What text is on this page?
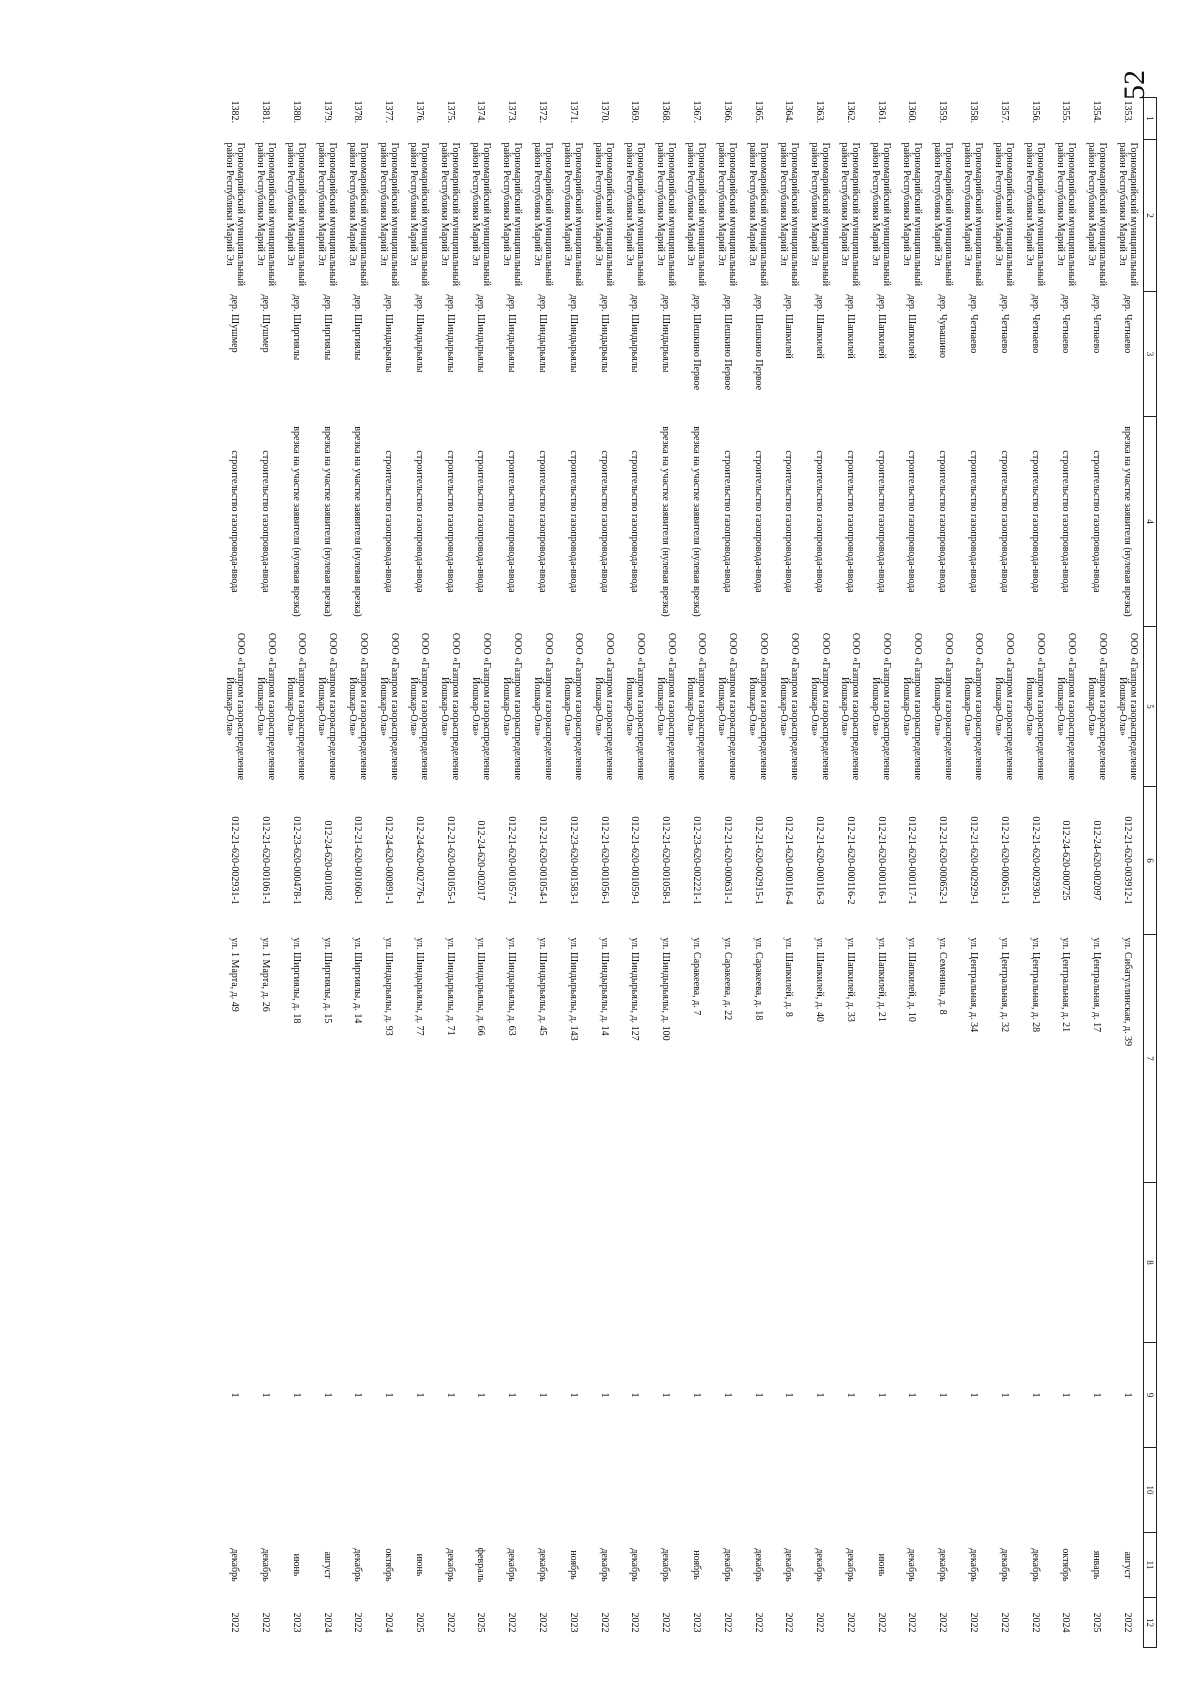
52
1	2	3	4	5	6	7	8	9	10	11	12
1353.	Горномарийский муниципальный район Республики Марий Эл	дер. Четнаево	врезка на участке заявителя (нулевая врезка)	ООО «Газпром газораспределение Йошкар-Ола»	012-21-620-003912-1	ул. Сибатуллинская, д. 39		1		август	2022
1354.	Горномарийский муниципальный район Республики Марий Эл	дер. Четнаево	строительство газопровода-ввода	ООО «Газпром газораспределение Йошкар-Ола»	012-24-620-002097	ул. Центральная, д. 17		1		январь	2025
1355.	Горномарийский муниципальный район Республики Марий Эл	дер. Четнаево	строительство газопровода-ввода	ООО «Газпром газораспределение Йошкар-Ола»	012-24-620-000725	ул. Центральная, д. 21		1		октябрь	2024
1356.	Горномарийский муниципальный район Республики Марий Эл	дер. Четнаево	строительство газопровода-ввода	ООО «Газпром газораспределение Йошкар-Ола»	012-21-620-002930-1	ул. Центральная, д. 28		1		декабрь	2022
1357.	Горномарийский муниципальный район Республики Марий Эл	дер. Четнаево	строительство газопровода-ввода	ООО «Газпром газораспределение Йошкар-Ола»	012-21-620-000651-1	ул. Центральная, д. 32		1		декабрь	2022
1358.	Горномарийский муниципальный район Республики Марий Эл	дер. Четнаево	строительство газопровода-ввода	ООО «Газпром газораспределение Йошкар-Ола»	012-21-620-002929-1	ул. Центральная, д. 34		1		декабрь	2022
1359.	Горномарийский муниципальный район Республики Марий Эл	дер. Чувашино	строительство газопровода-ввода	ООО «Газпром газораспределение Йошкар-Ола»	012-21-620-000652-1	ул. Семенина, д. 8		1		декабрь	2022
1360.	Горномарийский муниципальный район Республики Марий Эл	дер. Шапкилей	строительство газопровода-ввода	ООО «Газпром газораспределение Йошкар-Ола»	012-21-620-000117-1	ул. Шапкилей, д. 10		1		декабрь	2022
1361.	Горномарийский муниципальный район Республики Марий Эл	дер. Шапкилей	строительство газопровода-ввода	ООО «Газпром газораспределение Йошкар-Ола»	012-21-620-000116-1	ул. Шапкилей, д. 21		1		июнь	2022
1362.	Горномарийский муниципальный район Республики Марий Эл	дер. Шапкилей	строительство газопровода-ввода	ООО «Газпром газораспределение Йошкар-Ола»	012-21-620-000116-2	ул. Шапкилей, д. 33		1		декабрь	2022
1363.	Горномарийский муниципальный район Республики Марий Эл	дер. Шапкилей	строительство газопровода-ввода	ООО «Газпром газораспределение Йошкар-Ола»	012-21-620-000116-3	ул. Шапкилей, д. 40		1		декабрь	2022
1364.	Горномарийский муниципальный район Республики Марий Эл	дер. Шапкилей	строительство газопровода-ввода	ООО «Газпром газораспределение Йошкар-Ола»	012-21-620-000116-4	ул. Шапкилей, д. 8		1		декабрь	2022
1365.	Горномарийский муниципальный район Республики Марий Эл	дер. Шешкино Первое	строительство газопровода-ввода	ООО «Газпром газораспределение Йошкар-Ола»	012-21-620-002915-1	ул. Саракеева, д. 18		1		декабрь	2022
1366.	Горномарийский муниципальный район Республики Марий Эл	дер. Шешкино Первое	строительство газопровода-ввода	ООО «Газпром газораспределение Йошкар-Ола»	012-21-620-000631-1	ул. Саракеева, д. 22		1		декабрь	2022
1367.	Горномарийский муниципальный район Республики Марий Эл	дер. Шешкино Первое	врезка на участке заявителя (нулевая врезка)	ООО «Газпром газораспределение Йошкар-Ола»	012-23-620-002221-1	ул. Саракеева, д. 7		1		ноябрь	2023
1368.	Горномарийский муниципальный район Республики Марий Эл	дер. Шиндырьялы	врезка на участке заявителя (нулевая врезка)	ООО «Газпром газораспределение Йошкар-Ола»	012-21-620-001058-1	ул. Шиндырьялы, д. 100		1		декабрь	2022
1369.	Горномарийский муниципальный район Республики Марий Эл	дер. Шиндырьялы	строительство газопровода-ввода	ООО «Газпром газораспределение Йошкар-Ола»	012-21-620-001059-1	ул. Шиндырьялы, д. 127		1		декабрь	2022
1370.	Горномарийский муниципальный район Республики Марий Эл	дер. Шиндырьялы	строительство газопровода-ввода	ООО «Газпром газораспределение Йошкар-Ола»	012-21-620-001056-1	ул. Шиндырьялы, д. 14		1		декабрь	2022
1371.	Горномарийский муниципальный район Республики Марий Эл	дер. Шиндырьялы	строительство газопровода-ввода	ООО «Газпром газораспределение Йошкар-Ола»	012-23-620-001583-1	ул. Шиндырьялы, д. 143		1		ноябрь	2023
1372.	Горномарийский муниципальный район Республики Марий Эл	дер. Шиндырьялы	строительство газопровода-ввода	ООО «Газпром газораспределение Йошкар-Ола»	012-21-620-001054-1	ул. Шиндырьялы, д. 45		1		декабрь	2022
1373.	Горномарийский муниципальный район Республики Марий Эл	дер. Шиндырьялы	строительство газопровода-ввода	ООО «Газпром газораспределение Йошкар-Ола»	012-21-620-001057-1	ул. Шиндырьялы, д. 63		1		декабрь	2022
1374.	Горномарийский муниципальный район Республики Марий Эл	дер. Шиндырьялы	строительство газопровода-ввода	ООО «Газпром газораспределение Йошкар-Ола»	012-24-620-002017	ул. Шиндырьялы, д. 66		1		февраль	2025
1375.	Горномарийский муниципальный район Республики Марий Эл	дер. Шиндырьялы	строительство газопровода-ввода	ООО «Газпром газораспределение Йошкар-Ола»	012-21-620-001055-1	ул. Шиндырьялы, д. 71		1		декабрь	2022
1376.	Горномарийский муниципальный район Республики Марий Эл	дер. Шиндырьялы	строительство газопровода-ввода	ООО «Газпром газораспределение Йошкар-Ола»	012-24-620-002776-1	ул. Шиндырьялы, д. 77		1		июнь	2025
1377.	Горномарийский муниципальный район Республики Марий Эл	дер. Шиндырьялы	строительство газопровода-ввода	ООО «Газпром газораспределение Йошкар-Ола»	012-24-620-000891-1	ул. Шиндырьялы, д. 93		1		октябрь	2024
1378.	Горномарийский муниципальный район Республики Марий Эл	дер. Ширгиялы	врезка на участке заявителя (нулевая врезка)	ООО «Газпром газораспределение Йошкар-Ола»	012-21-620-001060-1	ул. Ширгиялы, д. 14		1		декабрь	2022
1379.	Горномарийский муниципальный район Республики Марий Эл	дер. Ширгиялы	врезка на участке заявителя (нулевая врезка)	ООО «Газпром газораспределение Йошкар-Ола»	012-24-620-001082	ул. Ширгиялы, д. 15		1		август	2024
1380.	Горномарийский муниципальный район Республики Марий Эл	дер. Ширгиялы	врезка на участке заявителя (нулевая врезка)	ООО «Газпром газораспределение Йошкар-Ола»	012-23-620-000478-1	ул. Ширгиялы, д. 18		1		июнь	2023
1381.	Горномарийский муниципальный район Республики Марий Эл	дер. Шушмер	строительство газопровода-ввода	ООО «Газпром газораспределение Йошкар-Ола»	012-21-620-001061-1	ул. 1 Марта, д. 26		1		декабрь	2022
1382.	Горномарийский муниципальный район Республики Марий Эл	дер. Шушмер	строительство газопровода-ввода	ООО «Газпром газораспределение Йошкар-Ола»	012-21-620-002931-1	ул. 1 Марта, д. 49		1		декабрь	2022
